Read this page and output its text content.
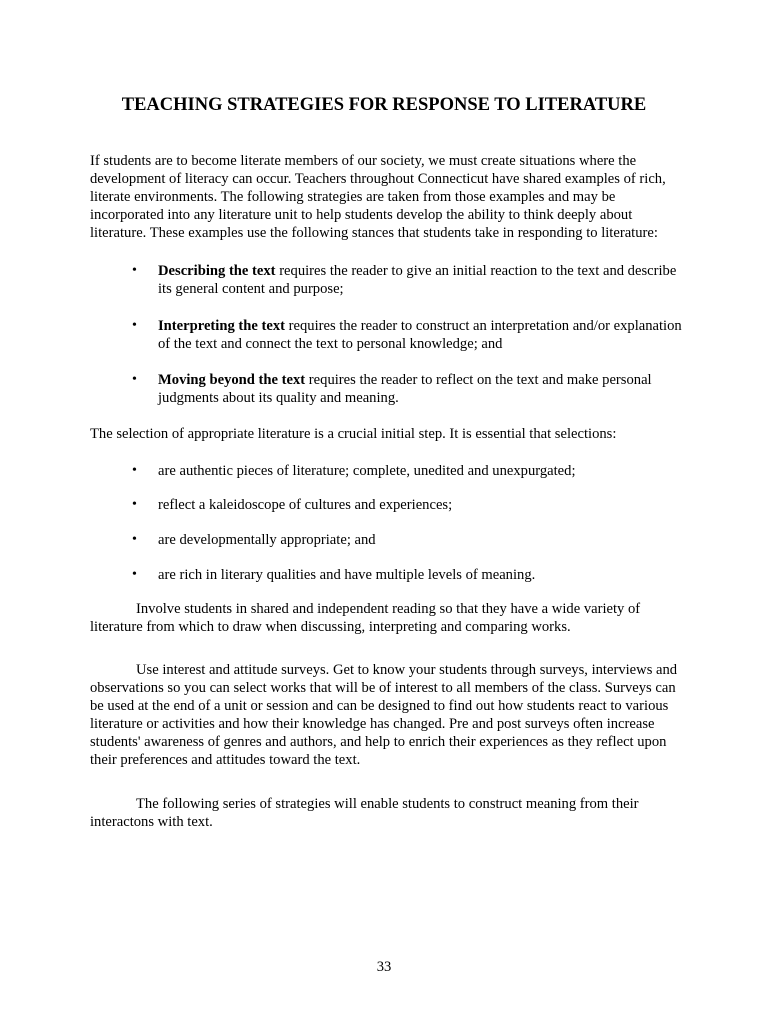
TEACHING STRATEGIES FOR RESPONSE TO LITERATURE

If students are to become literate members of our society, we must create situations where the development of literacy can occur. Teachers throughout Connecticut have shared examples of rich, literate environments. The following strategies are taken from those examples and may be incorporated into any literature unit to help students develop the ability to think deeply about literature. These examples use the following stances that students take in responding to literature:

• Describing the text requires the reader to give an initial reaction to the text and describe its general content and purpose;
• Interpreting the text requires the reader to construct an interpretation and/or explanation of the text and connect the text to personal knowledge; and
• Moving beyond the text requires the reader to reflect on the text and make personal judgments about its quality and meaning.

The selection of appropriate literature is a crucial initial step. It is essential that selections:

• are authentic pieces of literature; complete, unedited and unexpurgated;
• reflect a kaleidoscope of cultures and experiences;
• are developmentally appropriate; and
• are rich in literary qualities and have multiple levels of meaning.

Involve students in shared and independent reading so that they have a wide variety of literature from which to draw when discussing, interpreting and comparing works.

Use interest and attitude surveys. Get to know your students through surveys, interviews and observations so you can select works that will be of interest to all members of the class. Surveys can be used at the end of a unit or session and can be designed to find out how students react to various literature or activities and how their knowledge has changed. Pre and post surveys often increase students' awareness of genres and authors, and help to enrich their experiences as they reflect upon their preferences and attitudes toward the text.

The following series of strategies will enable students to construct meaning from their interactons with text.

33
